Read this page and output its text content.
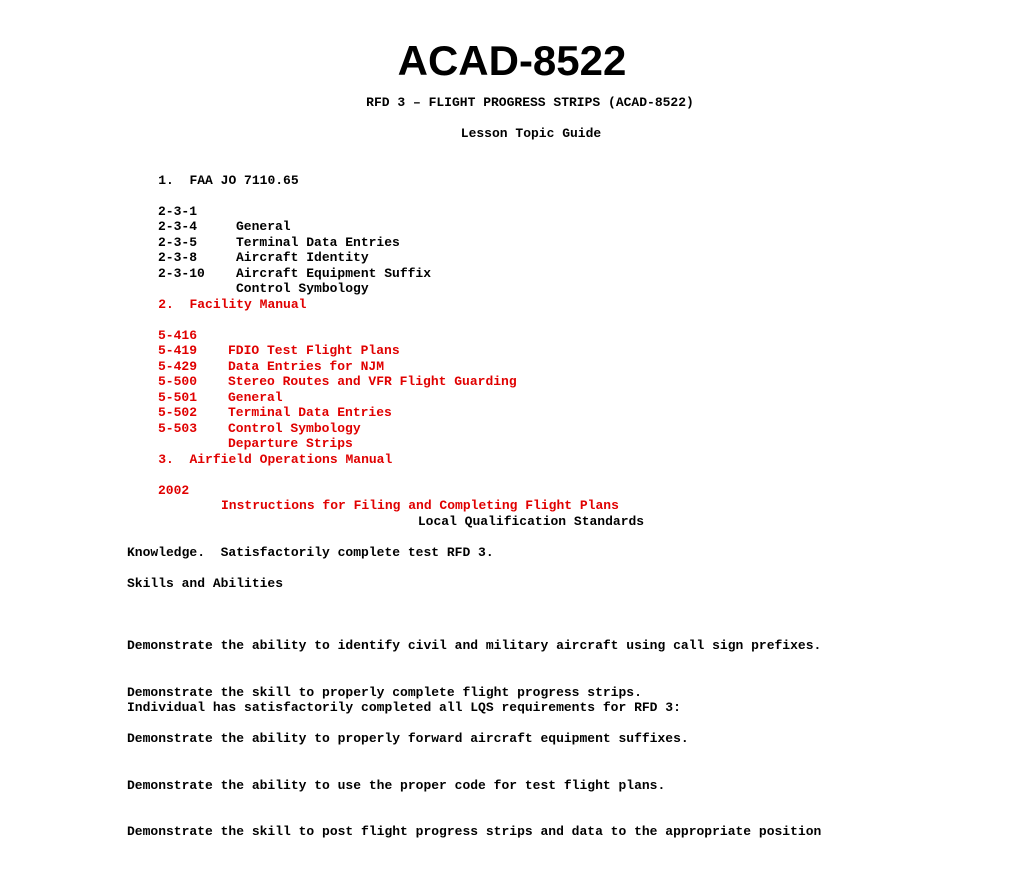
ACAD-8522
RFD 3 – FLIGHT PROGRESS STRIPS (ACAD-8522)
Lesson Topic Guide

1. FAA JO 7110.65

2-3-1

General

2-3-4

Terminal Data Entries

2-3-5

Aircraft Identity

2-3-8

Aircraft Equipment Suffix

2-3-10

Control Symbology

2. Facility Manual

5-416

FDIO Test Flight Plans

5-419

Data Entries for NJM

5-429

Stereo Routes and VFR Flight Guarding

5-500

General

5-501

Terminal Data Entries

5-502

Control Symbology

5-503

Departure Strips

3. Airfield Operations Manual

2002

Instructions for Filing and Completing Flight Plans

Local Qualification Standards
Knowledge.  Satisfactorily complete test RFD 3.
Skills and Abilities

Demonstrate the ability to identify civil and military aircraft using call sign prefixes.

Demonstrate the skill to properly complete flight progress strips.

Demonstrate the ability to properly forward aircraft equipment suffixes.

Demonstrate the ability to use the proper code for test flight plans.

Demonstrate the skill to post flight progress strips and data to the appropriate position

Individual has satisfactorily completed all LQS requirements for RFD 3:
